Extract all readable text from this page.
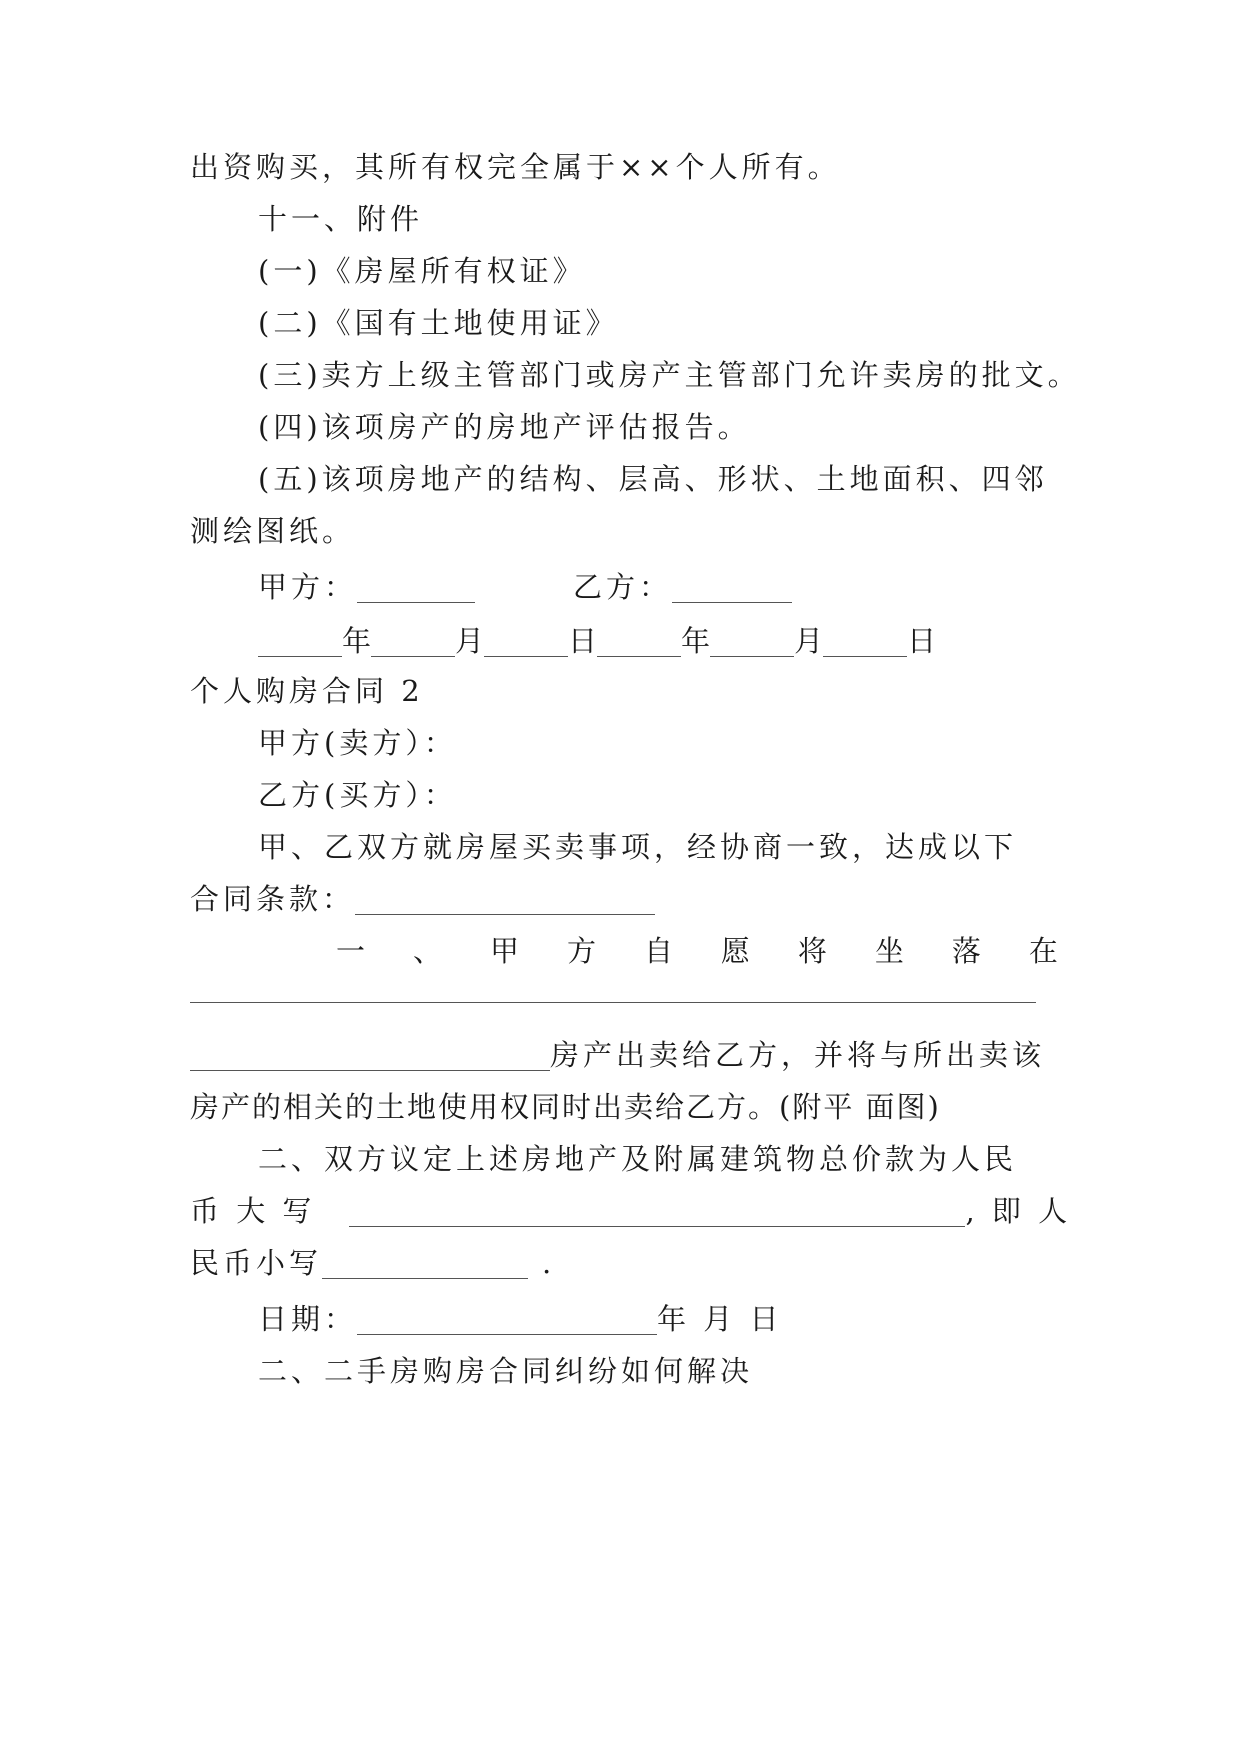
出资购买，其所有权完全属于××个人所有。
十一、附件
(一)《房屋所有权证》
(二)《国有土地使用证》
(三)卖方上级主管部门或房产主管部门允许卖房的批文。
(四)该项房产的房地产评估报告。
(五)该项房地产的结构、层高、形状、土地面积、四邻
测绘图纸。
甲方：	乙方：
年	月	日	年	月	日
个人购房合同 2
甲方(卖方）：
乙方(买方）：
甲、乙双方就房屋买卖事项，经协商一致，达成以下
合同条款：
一 、 甲 方 自 愿 将 坐 落 在
房产出卖给乙方，并将与所出卖该
房产的相关的土地使用权同时出卖给乙方。(附平 面图)
二、双方议定上述房地产及附属建筑物总价款为人民
币 大 写	, 即 人
民币小写	.
日期：	年 月 日
二、二手房购房合同纠纷如何解决
